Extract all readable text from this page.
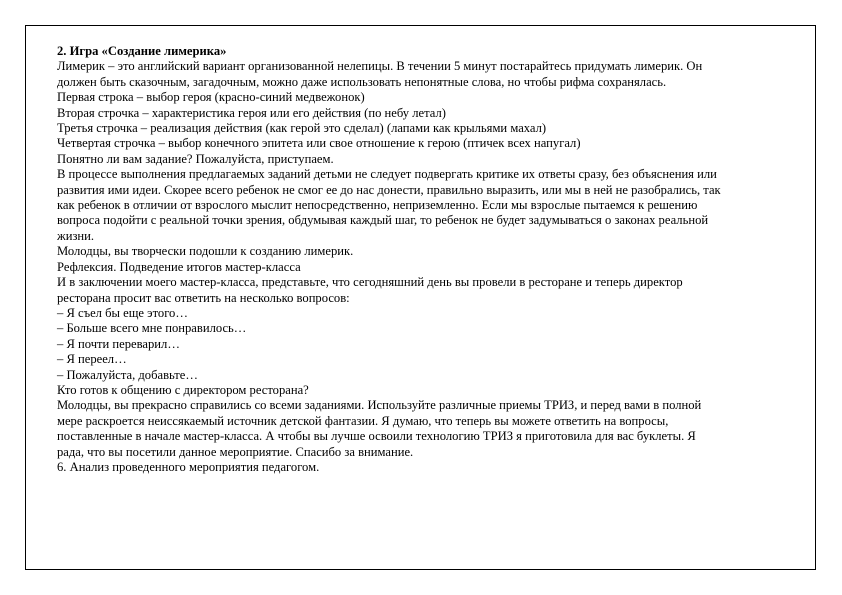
2. Игра «Создание лимерика»

Лимерик – это английский вариант организованной нелепицы. В течении 5 минут постарайтесь придумать лимерик. Он

должен быть сказочным, загадочным, можно даже использовать непонятные слова, но чтобы рифма сохранялась.

Первая строка – выбор героя (красно-синий медвежонок)

Вторая строчка – характеристика героя или его действия (по небу летал)

Третья строчка – реализация действия (как герой это сделал) (лапами как крыльями махал)

Четвертая строчка – выбор конечного эпитета или свое отношение к герою (птичек всех напугал)

Понятно ли вам задание? Пожалуйста, приступаем.

В процессе выполнения предлагаемых заданий детьми не следует подвергать критике их ответы сразу, без объяснения или

развития ими идеи. Скорее всего ребенок не смог ее до нас донести, правильно выразить, или мы в ней не разобрались, так

как ребенок в отличии от взрослого мыслит непосредственно, неприземленно. Если мы взрослые пытаемся к решению

вопроса подойти с реальной точки зрения, обдумывая каждый шаг, то ребенок не будет задумываться о законах реальной

жизни.

Молодцы, вы творчески подошли к созданию лимерик.

Рефлексия. Подведение итогов мастер-класса

И в заключении моего мастер-класса, представьте, что сегодняшний день вы провели в ресторане и теперь директор

ресторана просит вас ответить на несколько вопросов:

– Я съел бы еще этого…

– Больше всего мне понравилось…

– Я почти переварил…

– Я переел…

– Пожалуйста, добавьте…

Кто готов к общению с директором ресторана?

Молодцы, вы прекрасно справились со всеми заданиями. Используйте различные приемы ТРИЗ, и перед вами в полной

мере раскроется неиссякаемый источник детской фантазии. Я думаю, что теперь вы можете ответить на вопросы,

поставленные в начале мастер-класса. А чтобы вы лучше освоили технологию ТРИЗ я приготовила для вас буклеты. Я

рада, что вы посетили данное мероприятие. Спасибо за внимание.

6. Анализ проведенного мероприятия педагогом.
